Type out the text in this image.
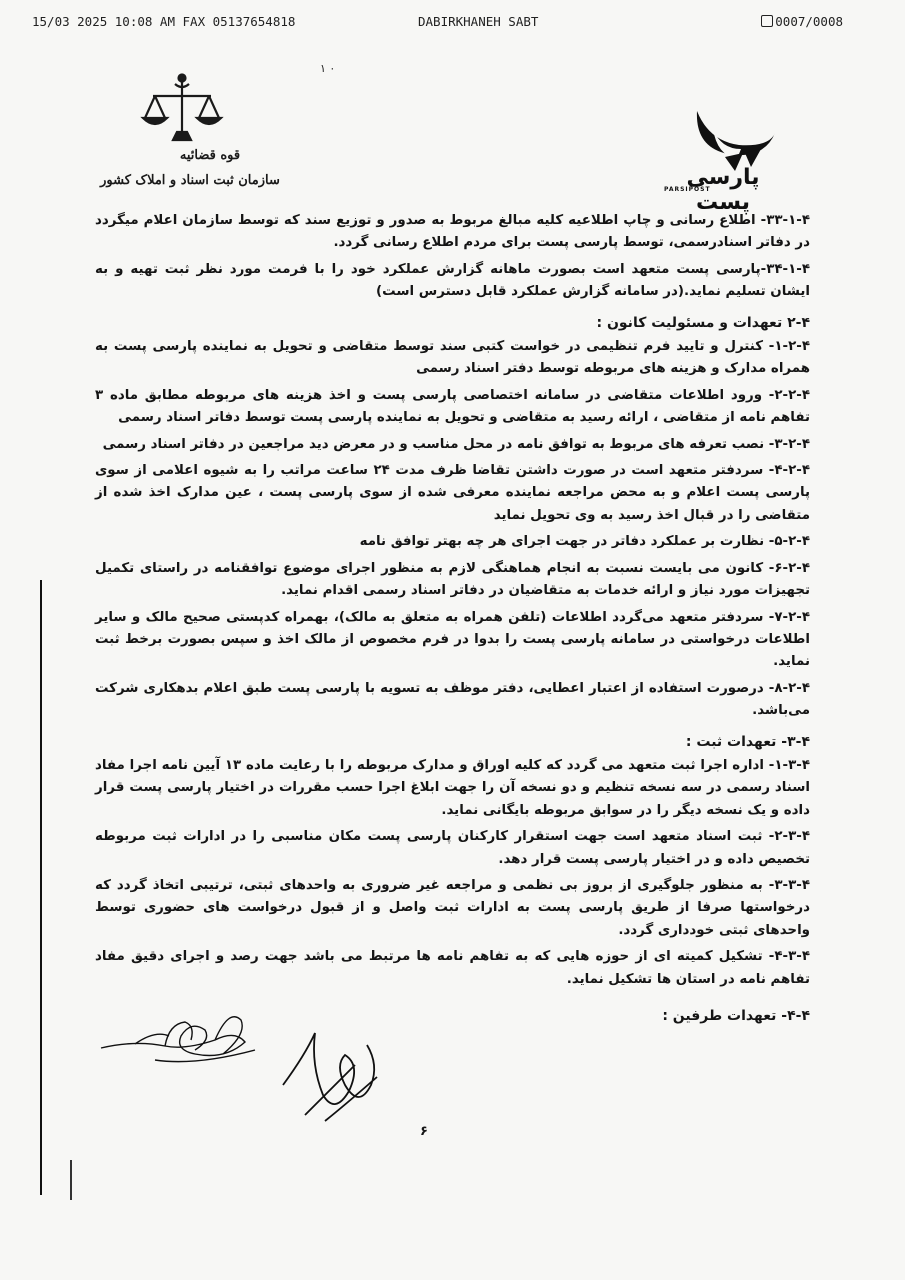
15/03 2025 10:08 AM FAX 05137654818	DABIRKHANEH SABT	0007/0008
۱ ۰
قوه قضائیه
سازمان ثبت اسناد و املاک کشور	پارسی پست
PARSIPOST

۳۳-۱-۴- اطلاع رسانی و چاپ اطلاعیه کلیه مبالغ مربوط به صدور و توزیع سند که توسط سازمان اعلام میگردد در دفاتر اسنادرسمی، توسط پارسی پست برای مردم اطلاع رسانی گردد.

۳۴-۱-۴-پارسی پست متعهد است بصورت ماهانه گزارش عملکرد خود را با فرمت مورد نظر ثبت تهیه و به ایشان تسلیم نماید.(در سامانه گزارش عملکرد قابل دسترس است)

۲-۴ تعهدات و مسئولیت کانون :

۱-۲-۴- کنترل و تایید فرم تنظیمی در خواست کتبی سند توسط متقاضی و تحویل به نماینده پارسی پست به همراه مدارک و هزینه های مربوطه توسط دفتر اسناد رسمی

۲-۲-۴- ورود اطلاعات متقاضی در سامانه اختصاصی پارسی پست و اخذ هزینه های مربوطه مطابق ماده ۳ تفاهم نامه از متقاضی ، ارائه رسید به متقاضی و تحویل به نماینده پارسی پست توسط دفاتر اسناد رسمی

۳-۲-۴- نصب تعرفه های مربوط به توافق نامه در محل مناسب و در معرض دید مراجعین در دفاتر اسناد رسمی

۴-۲-۴- سردفتر متعهد است در صورت داشتن تقاضا ظرف مدت ۲۴ ساعت مراتب را به شیوه اعلامی از سوی پارسی پست اعلام و به محض مراجعه نماینده معرفی شده از سوی پارسی پست ، عین مدارک اخذ شده از متقاضی را در قبال اخذ رسید به وی تحویل نماید

۵-۲-۴- نظارت بر عملکرد دفاتر در جهت اجرای هر چه بهتر توافق نامه

۶-۲-۴- کانون می بایست نسبت به انجام هماهنگی لازم به منظور اجرای موضوع توافقنامه در راستای تکمیل تجهیزات مورد نیاز و ارائه خدمات به متقاضیان در دفاتر اسناد رسمی اقدام نماید.

۷-۲-۴- سردفتر متعهد می‌گردد اطلاعات (تلفن همراه به متعلق به مالک)، بهمراه کدپستی صحیح مالک و سایر اطلاعات درخواستی در سامانه پارسی پست را بدوا در فرم مخصوص از مالک اخذ و سپس بصورت برخط ثبت نماید.

۸-۲-۴- درصورت استفاده از اعتبار اعطایی، دفتر موظف به تسویه با پارسی پست طبق اعلام بدهکاری شرکت می‌باشد.

۳-۴- تعهدات ثبت :

۱-۳-۴- اداره اجرا ثبت متعهد می گردد که کلیه اوراق و مدارک مربوطه را با رعایت ماده ۱۳ آیین نامه اجرا مفاد اسناد رسمی در سه نسخه تنظیم و دو نسخه آن را جهت ابلاغ اجرا حسب مقررات در اختیار پارسی پست قرار داده و یک نسخه دیگر را در سوابق مربوطه بایگانی نماید.

۲-۳-۴- ثبت اسناد متعهد است جهت استقرار کارکنان پارسی پست مکان مناسبی را در ادارات ثبت مربوطه تخصیص داده و در اختیار پارسی پست قرار دهد.

۳-۳-۴- به منظور جلوگیری از بروز بی نظمی و مراجعه غیر ضروری به واحدهای ثبتی، ترتیبی اتخاذ گردد که درخواستها صرفا از طریق پارسی پست به ادارات ثبت واصل و از قبول درخواست های حضوری توسط واحدهای ثبتی خودداری گردد.

۴-۳-۴- تشکیل کمیته ای از حوزه هایی که به تفاهم نامه ها مرتبط می باشد جهت رصد و اجرای دقیق مفاد تفاهم نامه در استان ها تشکیل نماید.

۴-۴- تعهدات طرفین :
۶
